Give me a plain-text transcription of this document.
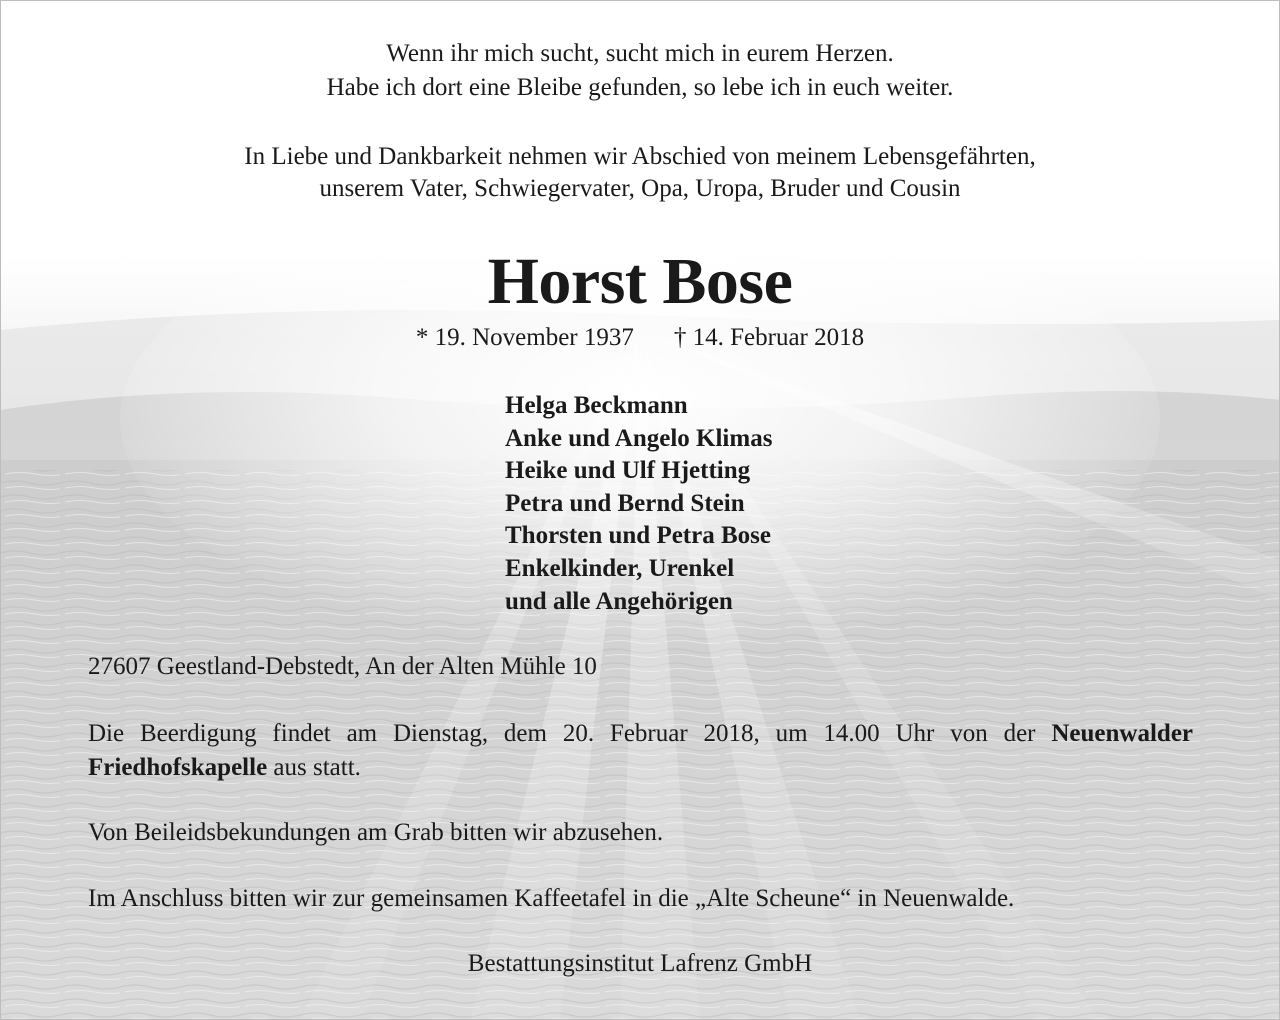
Wenn ihr mich sucht, sucht mich in eurem Herzen.
Habe ich dort eine Bleibe gefunden, so lebe ich in euch weiter.
In Liebe und Dankbarkeit nehmen wir Abschied von meinem Lebensgefährten,
unserem Vater, Schwiegervater, Opa, Uropa, Bruder und Cousin
Horst Bose
* 19. November 1937 † 14. Februar 2018
Helga Beckmann
Anke und Angelo Klimas
Heike und Ulf Hjetting
Petra und Bernd Stein
Thorsten und Petra Bose
Enkelkinder, Urenkel
und alle Angehörigen
27607 Geestland-Debstedt, An der Alten Mühle 10
Die Beerdigung findet am Dienstag, dem 20. Februar 2018, um 14.00 Uhr von der Neuenwalder Friedhofskapelle aus statt.
Von Beileidsbekundungen am Grab bitten wir abzusehen.
Im Anschluss bitten wir zur gemeinsamen Kaffeetafel in die „Alte Scheune“ in Neuenwalde.
Bestattungsinstitut Lafrenz GmbH
